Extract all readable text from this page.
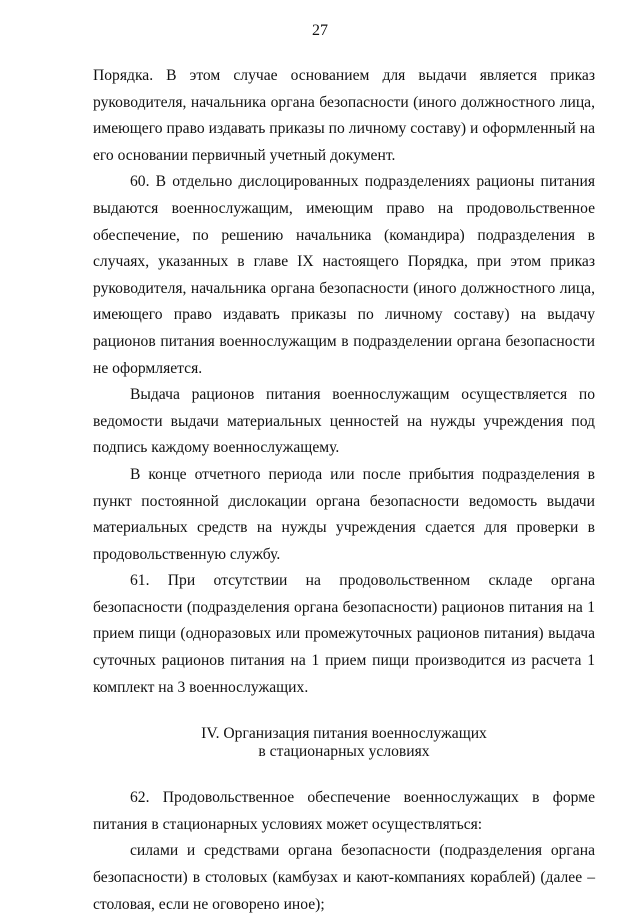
27

Порядка. В этом случае основанием для выдачи является приказ руководителя, начальника органа безопасности (иного должностного лица, имеющего право издавать приказы по личному составу) и оформленный на его основании первичный учетный документ.

60. В отдельно дислоцированных подразделениях рационы питания выдаются военнослужащим, имеющим право на продовольственное обеспечение, по решению начальника (командира) подразделения в случаях, указанных в главе IX настоящего Порядка, при этом приказ руководителя, начальника органа безопасности (иного должностного лица, имеющего право издавать приказы по личному составу) на выдачу рационов питания военнослужащим в подразделении органа безопасности не оформляется.

Выдача рационов питания военнослужащим осуществляется по ведомости выдачи материальных ценностей на нужды учреждения под подпись каждому военнослужащему.

В конце отчетного периода или после прибытия подразделения в пункт постоянной дислокации органа безопасности ведомость выдачи материальных средств на нужды учреждения сдается для проверки в продовольственную службу.

61. При отсутствии на продовольственном складе органа безопасности (подразделения органа безопасности) рационов питания на 1 прием пищи (одноразовых или промежуточных рационов питания) выдача суточных рационов питания на 1 прием пищи производится из расчета 1 комплект на 3 военнослужащих.

IV. Организация питания военнослужащих
в стационарных условиях

62. Продовольственное обеспечение военнослужащих в форме питания в стационарных условиях может осуществляться:

силами и средствами органа безопасности (подразделения органа безопасности) в столовых (камбузах и кают-компаниях кораблей) (далее – столовая, если не оговорено иное);
